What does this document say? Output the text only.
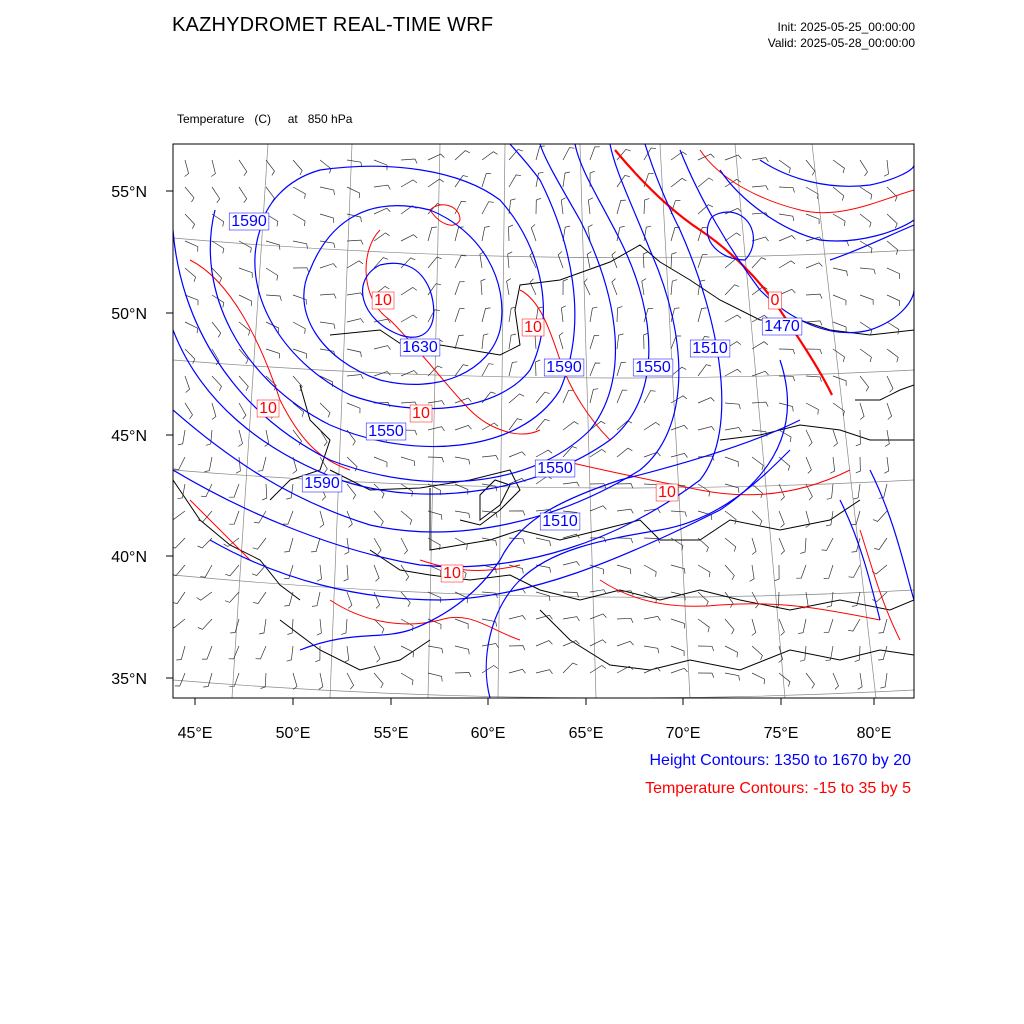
KAZHYDROMET REAL-TIME WRF	Init: 2025-05-25_00:00:00
Valid: 2025-05-28_00:00:00

Temperature   (C)     at   850 hPa

55°N
50°N
45°N
40°N
35°N
45°E	50°E	55°E	60°E	65°E	70°E	75°E	80°E
1590
1630
1590
1550
1590
1550
1510
1470
1550
1510
10
10
10	10
10
10
0
Height Contours: 1350 to 1670 by 20
Temperature Contours: -15 to 35 by 5
